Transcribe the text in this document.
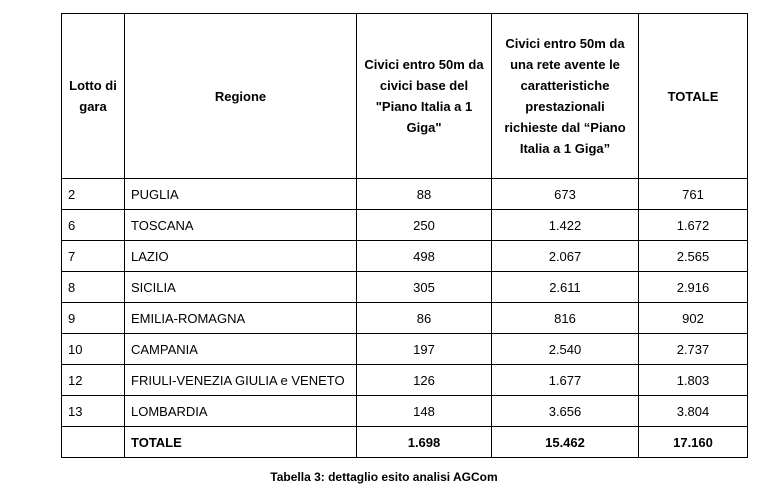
Lotto di gara	Regione	Civici entro 50m da civici base del "Piano Italia a 1 Giga"	Civici entro 50m da una rete avente le caratteristiche prestazionali richieste dal “Piano Italia a 1 Giga”	TOTALE
2	PUGLIA	88	673	761
6	TOSCANA	250	1.422	1.672
7	LAZIO	498	2.067	2.565
8	SICILIA	305	2.611	2.916
9	EMILIA-ROMAGNA	86	816	902
10	CAMPANIA	197	2.540	2.737
12	FRIULI-VENEZIA GIULIA e VENETO	126	1.677	1.803
13	LOMBARDIA	148	3.656	3.804
	TOTALE	1.698	15.462	17.160
Tabella 3: dettaglio esito analisi AGCom
